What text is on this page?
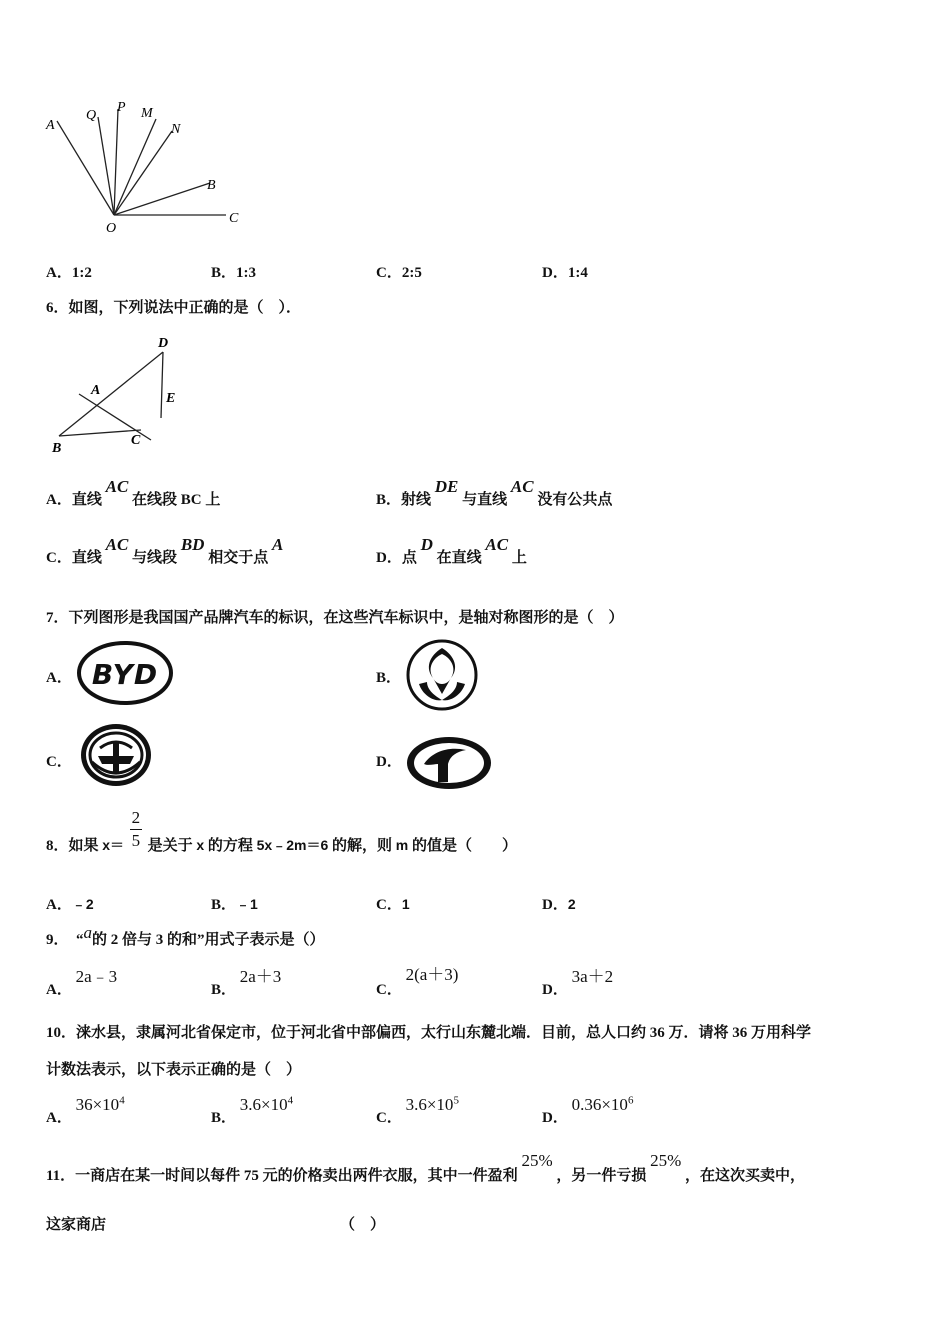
A
Q
P M
N
B
C
O
A．1:2	B．1:3	C．2:5	D．1:4
6．如图，下列说法中正确的是（　）．
D
A
E
B
C
A．直线 AC 在线段 BC 上	B．射线 DE 与直线 AC 没有公共点
C．直线 AC 与线段 BD 相交于点 A
D．点 D 在直线 AC 上
7．下列图形是我国国产品牌汽车的标识，在这些汽车标识中，是轴对称图形的是（　）
A． BYD	B．
C．	D．
8．如果 $x= \frac{2}{5}$ 是关于 x 的方程 5x﹣2m＝6 的解，则 m 的值是（　　）
A．﹣2	B．﹣1	C．1	D．2
9．　“a的 2 倍与 3 的和”用式子表示是（）
A． 2a﹣3
B． 2a＋3
C． 2(a＋3)
D． 3a＋2
10．涞水县，隶属河北省保定市，位于河北省中部偏西，太行山东麓北端．目前，总人口约 36 万．请将 36 万用科学
计数法表示，以下表示正确的是（　）
A． $36\times 10^4$
B． $3.6\times 10^4$
C． $3.6\times 10^5$
D． $0.36\times 10^6$
11．一商店在某一时间以每件 75 元的价格卖出两件衣服，其中一件盈利 25% ，另一件亏损 25% ，在这次买卖中，
这家商店	（　）
